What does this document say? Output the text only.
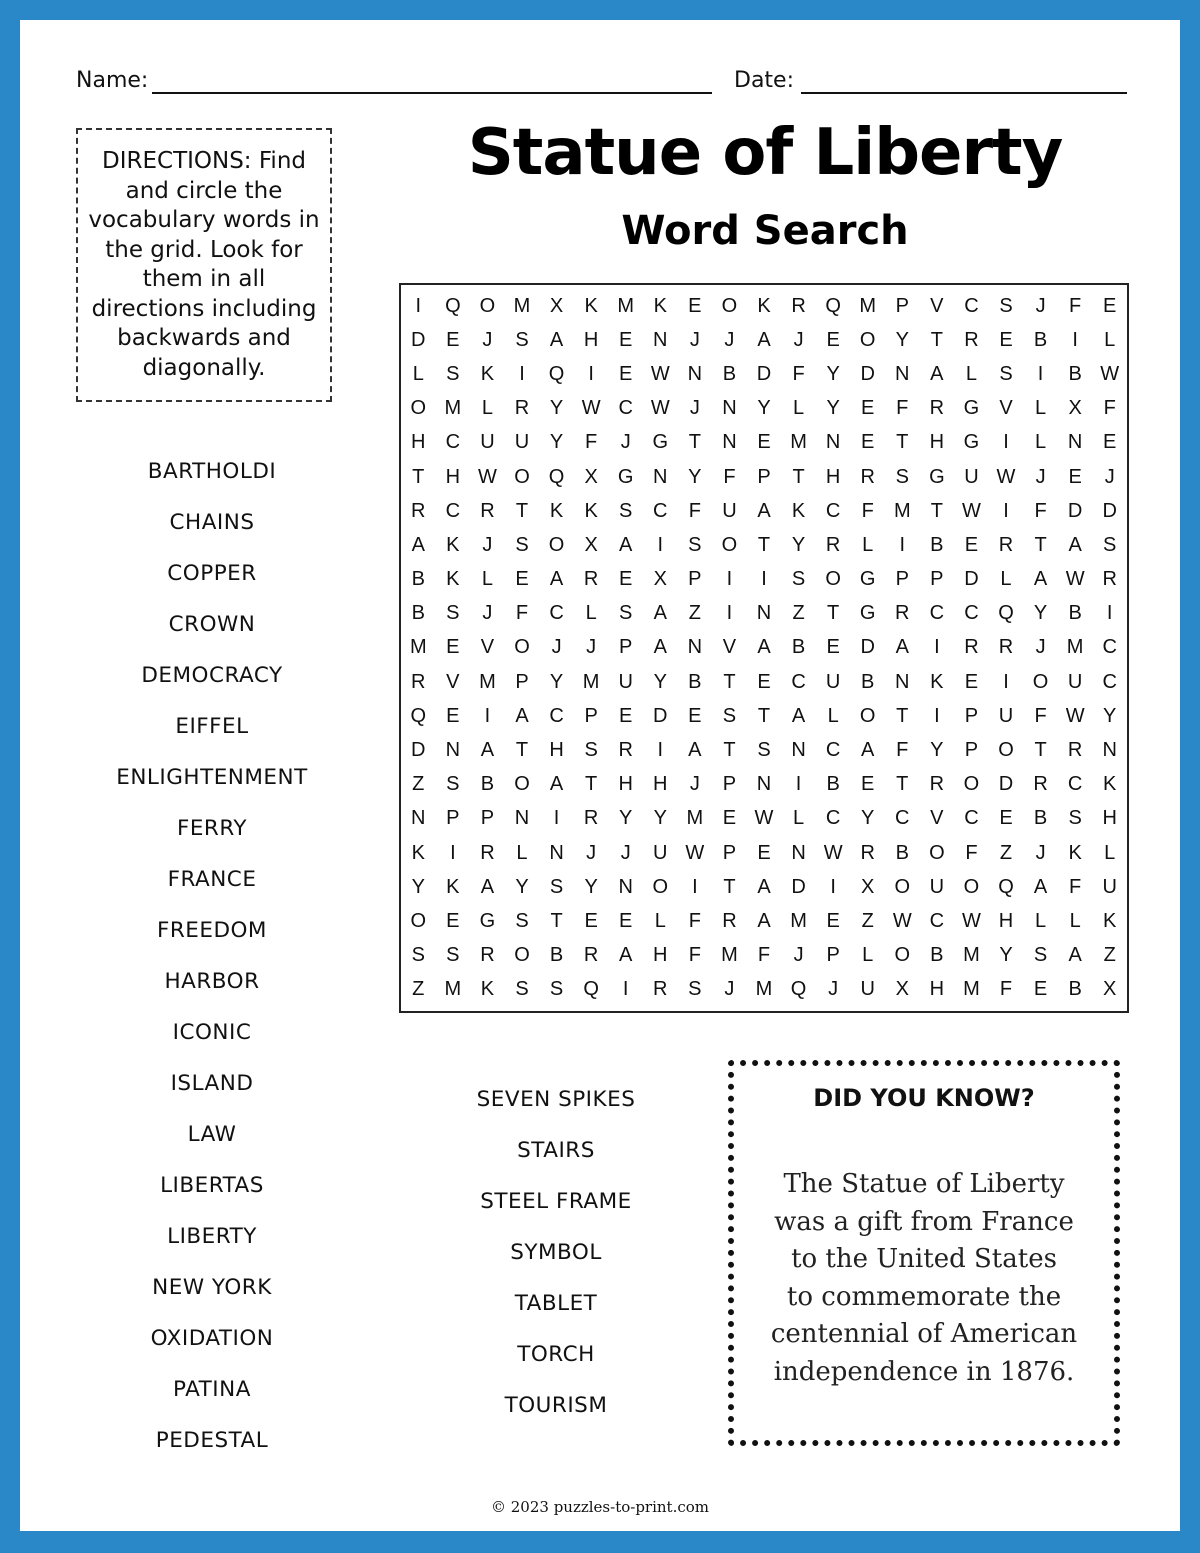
Name:	Date:

DIRECTIONS: Find and circle the vocabulary words in the grid. Look for them in all directions including backwards and diagonally.

Statue of Liberty
Word Search
I	Q O M X	K M K	E	O	K	R Q M P	V	C	S	J	F	E
D	E	J	S	A	H	E	N	J	J	A	J	E	O	Y	T	R	E	B	I	L
L	S	K	I	Q	I	E W N	B	D	F	Y	D	N	A	L	S	I	B W
O M	L	R	Y W C W	J	N	Y	L	Y	E	F	R G	V	L	X	F
H	C	U	U	Y	F	J	G	T	N	E M N	E	T	H G	I	L	N	E
T	H W O Q	X	G N	Y	F	P	T	H	R	S	G U W	J	E	J
R	C	R	T	K	K	S	C	F	U	A	K	C	F	M	T W	I	F	D	D
A	K	J	S	O	X	A	I	S	O	T	Y	R	L	I	B	E	R	T	A	S
B	K	L	E	A	R	E	X	P	I	I	S	O G	P	P	D	L	A W R
B	S	J	F	C	L	S	A	Z	I	N	Z	T	G R	C	C Q	Y	B	I
M E	V	O	J	J	P	A	N	V	A	B	E	D	A	I	R	R	J	M C
R	V M P	Y M U	Y	B	T	E	C	U	B	N	K	E	I	O U	C
Q	E	I	A	C	P	E	D	E	S	T	A	L	O	T	I	P	U	F W Y
D	N	A	T	H	S	R	I	A	T	S	N	C	A	F	Y	P	O	T	R	N
Z	S	B	O	A	T	H	H	J	P	N	I	B	E	T	R O D	R	C	K
N	P	P	N	I	R	Y	Y M E W L	C	Y	C	V	C	E	B	S	H
K	I	R	L	N	J	J	U W P	E	N W R	B	O	F	Z	J	K	L
Y	K	A	Y	S	Y	N O	I	T	A	D	I	X	O U O Q	A	F	U
O	E	G	S	T	E	E	L	F	R	A M E	Z W C W H	L	L	K
S	S	R O	B	R	A	H	F	M	F	J	P	L	O	B M Y	S	A	Z
Z	M K	S	S	Q	I	R	S	J	M Q	J	U	X	H M	F	E	B	X
BARTHOLDI
CHAINS
COPPER
CROWN
DEMOCRACY
EIFFEL
ENLIGHTENMENT
FERRY
FRANCE
FREEDOM
HARBOR
ICONIC
ISLAND
LAW
LIBERTAS
LIBERTY
NEW YORK
OXIDATION
PATINA
PEDESTAL
SEVEN SPIKES
STAIRS
STEEL FRAME
SYMBOL
TABLET
TORCH
TOURISM
DID YOU KNOW?
The Statue of Liberty
was a gift from France
to the United States
to commemorate the
centennial of American
independence in 1876.
© 2023 puzzles-to-print.com
